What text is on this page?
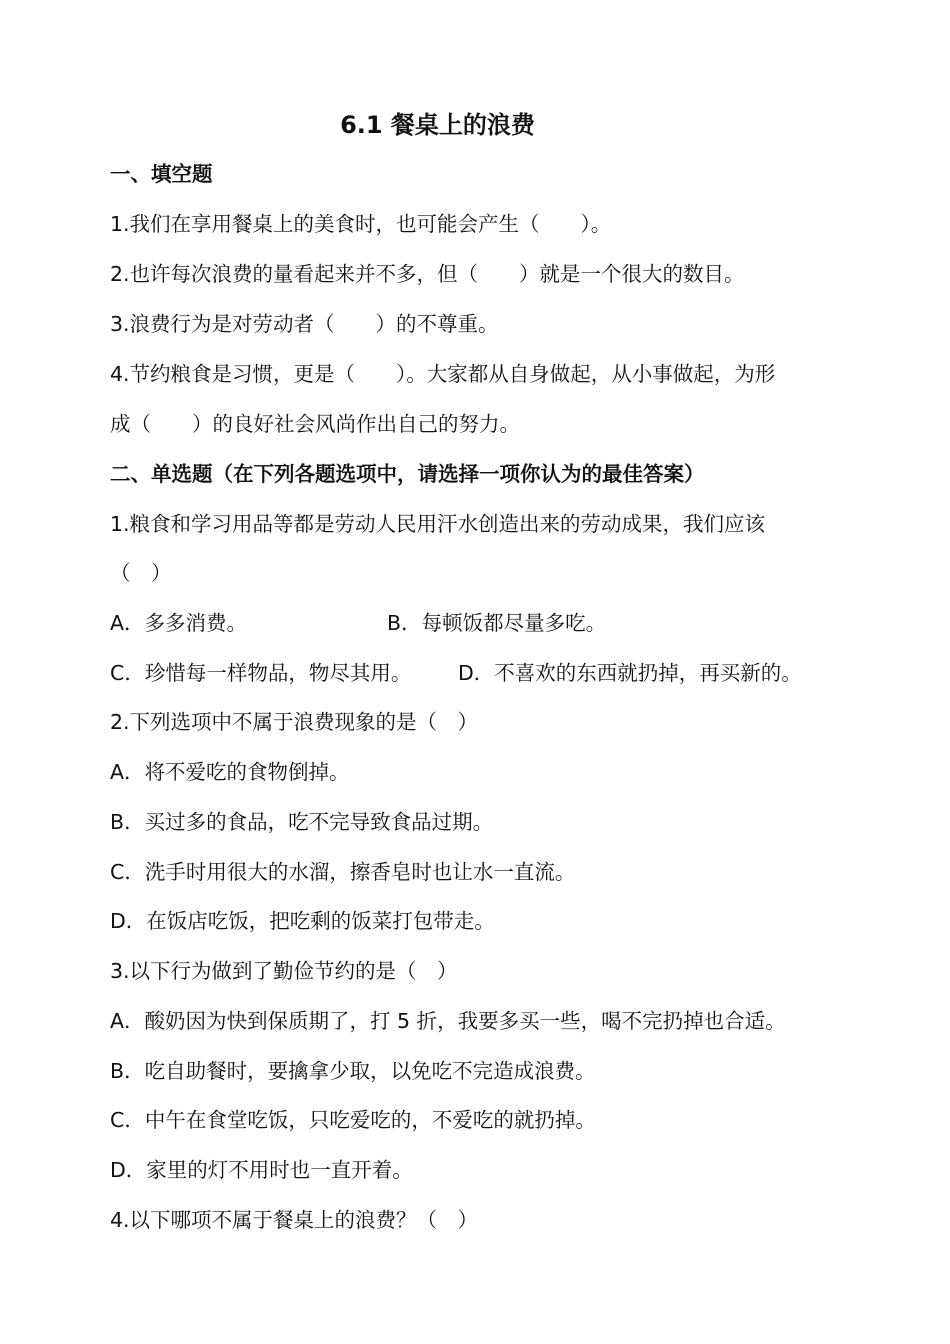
6.1 餐桌上的浪费
一、填空题
1.我们在享用餐桌上的美食时，也可能会产生（　　）。
2.也许每次浪费的量看起来并不多，但（　　）就是一个很大的数目。
3.浪费行为是对劳动者（　　）的不尊重。
4.节约粮食是习惯，更是（　　）。大家都从自身做起，从小事做起，为形
成（　　）的良好社会风尚作出自己的努力。
二、单选题（在下列各题选项中，请选择一项你认为的最佳答案）
1.粮食和学习用品等都是劳动人民用汗水创造出来的劳动成果，我们应该
（　）
A．多多消费。	B．每顿饭都尽量多吃。
C．珍惜每一样物品，物尽其用。 D．不喜欢的东西就扔掉，再买新的。
2.下列选项中不属于浪费现象的是（　）
A．将不爱吃的食物倒掉。
B．买过多的食品，吃不完导致食品过期。
C．洗手时用很大的水溜，擦香皂时也让水一直流。
D．在饭店吃饭，把吃剩的饭菜打包带走。
3.以下行为做到了勤俭节约的是（　）
A．酸奶因为快到保质期了，打 5 折，我要多买一些，喝不完扔掉也合适。
B．吃自助餐时，要擒拿少取，以免吃不完造成浪费。
C．中午在食堂吃饭，只吃爱吃的，不爱吃的就扔掉。
D．家里的灯不用时也一直开着。
4.以下哪项不属于餐桌上的浪费？（　）
